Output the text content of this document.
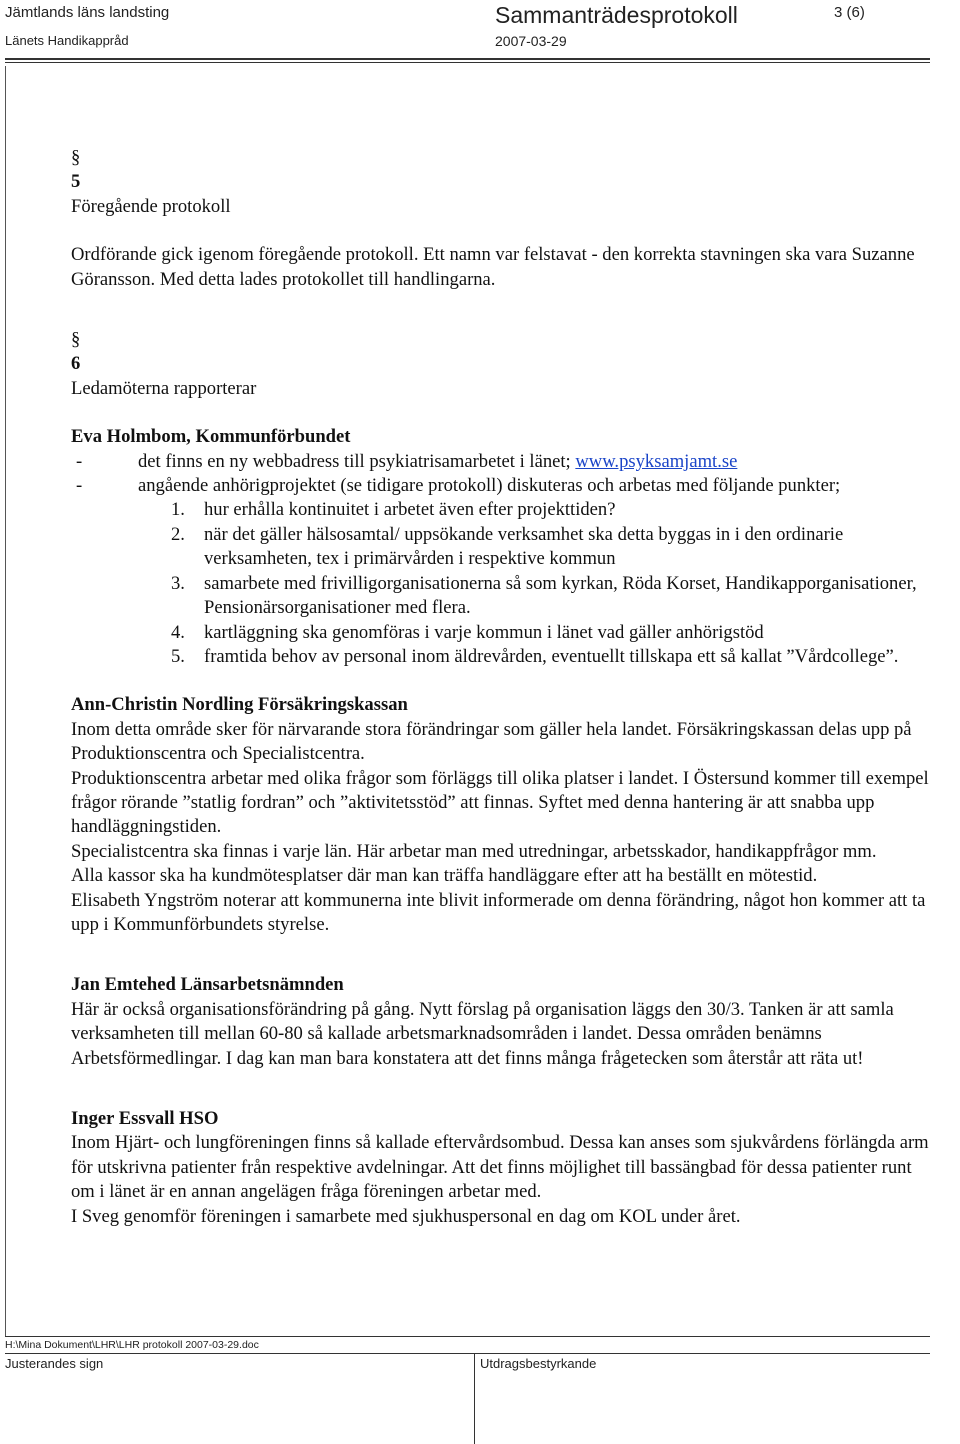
Jämtlands läns landsting
Länets Handikappråd
Sammanträdesprotokoll
2007-03-29
3 (6)
§
5
Föregående protokoll

Ordförande gick igenom föregående protokoll. Ett namn var felstavat - den korrekta stavningen ska vara Suzanne Göransson. Med detta lades protokollet till handlingarna.

§
6
Ledamöterna rapporterar
Eva Holmbom, Kommunförbundet
-	det finns en ny webbadress till psykiatrisamarbetet i länet; www.psyksamjamt.se
-	angående anhörigprojektet (se tidigare protokoll) diskuteras och arbetas med följande punkter;
1. hur erhålla kontinuitet i arbetet även efter projekttiden?
2. när det gäller hälsosamtal/ uppsökande verksamhet ska detta byggas in i den ordinarie verksamheten, tex i primärvården i respektive kommun
3. samarbete med frivilligorganisationerna så som kyrkan, Röda Korset, Handikapporganisationer, Pensionärsorganisationer med flera.
4. kartläggning ska genomföras i varje kommun i länet vad gäller anhörigstöd
5. framtida behov av personal inom äldrevården, eventuellt tillskapa ett så kallat ”Vårdcollege”.
Ann-Christin Nordling Försäkringskassan

Inom detta område sker för närvarande stora förändringar som gäller hela landet. Försäkringskassan delas upp på Produktionscentra och Specialistcentra.

Produktionscentra arbetar med olika frågor som förläggs till olika platser i landet. I Östersund kommer till exempel frågor rörande ”statlig fordran” och ”aktivitetsstöd” att finnas. Syftet med denna hantering är att snabba upp handläggningstiden.

Specialistcentra ska finnas i varje län. Här arbetar man med utredningar, arbetsskador, handikappfrågor mm.

Alla kassor ska ha kundmötesplatser där man kan träffa handläggare efter att ha beställt en mötestid.

Elisabeth Yngström noterar att kommunerna inte blivit informerade om denna förändring, något hon kommer att ta upp i Kommunförbundets styrelse.

Jan Emtehed Länsarbetsnämnden

Här är också organisationsförändring på gång. Nytt förslag på organisation läggs den 30/3. Tanken är att samla verksamheten till mellan 60-80 så kallade arbetsmarknadsområden i landet. Dessa områden benämns Arbetsförmedlingar. I dag kan man bara konstatera att det finns många frågetecken som återstår att räta ut!

Inger Essvall HSO

Inom Hjärt- och lungföreningen finns så kallade eftervårdsombud. Dessa kan anses som sjukvårdens förlängda arm för utskrivna patienter från respektive avdelningar. Att det finns möjlighet till bassängbad för dessa patienter runt om i länet är en annan angelägen fråga föreningen arbetar med.

I Sveg genomför föreningen i samarbete med sjukhuspersonal en dag om KOL under året.

H:\Mina Dokument\LHR\LHR protokoll 2007-03-29.doc
Justerandes sign	Utdragsbestyrkande
